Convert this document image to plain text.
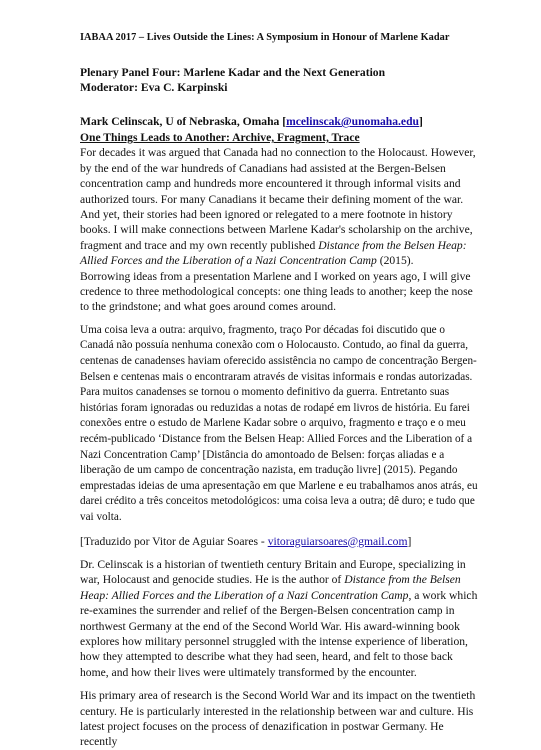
IABAA 2017 – Lives Outside the Lines: A Symposium in Honour of Marlene Kadar
Plenary Panel Four: Marlene Kadar and the Next Generation
Moderator: Eva C. Karpinski
Mark Celinscak, U of Nebraska, Omaha [mcelinscak@unomaha.edu]

One Things Leads to Another: Archive, Fragment, Trace

For decades it was argued that Canada had no connection to the Holocaust. However, by the end of the war hundreds of Canadians had assisted at the Bergen-Belsen concentration camp and hundreds more encountered it through informal visits and authorized tours. For many Canadians it became their defining moment of the war. And yet, their stories had been ignored or relegated to a mere footnote in history books. I will make connections between Marlene Kadar's scholarship on the archive, fragment and trace and my own recently published Distance from the Belsen Heap: Allied Forces and the Liberation of a Nazi Concentration Camp (2015).

Borrowing ideas from a presentation Marlene and I worked on years ago, I will give credence to three methodological concepts: one thing leads to another; keep the nose to the grindstone; and what goes around comes around.

Uma coisa leva a outra: arquivo, fragmento, traço Por décadas foi discutido que o Canadá não possuía nenhuma conexão com o Holocausto. Contudo, ao final da guerra, centenas de canadenses haviam oferecido assistência no campo de concentração Bergen-Belsen e centenas mais o encontraram através de visitas informais e rondas autorizadas. Para muitos canadenses se tornou o momento definitivo da guerra. Entretanto suas histórias foram ignoradas ou reduzidas a notas de rodapé em livros de história. Eu farei conexões entre o estudo de Marlene Kadar sobre o arquivo, fragmento e traço e o meu recém-publicado ‘Distance from the Belsen Heap: Allied Forces and the Liberation of a Nazi Concentration Camp’ [Distância do amontoado de Belsen: forças aliadas e a liberação de um campo de concentração nazista, em tradução livre] (2015). Pegando emprestadas ideias de uma apresentação em que Marlene e eu trabalhamos anos atrás, eu darei crédito a três conceitos metodológicos: uma coisa leva a outra; dê duro; e tudo que vai volta.

[Traduzido por Vitor de Aguiar Soares - vitoraguiarsoares@gmail.com]

Dr. Celinscak is a historian of twentieth century Britain and Europe, specializing in war, Holocaust and genocide studies. He is the author of Distance from the Belsen Heap: Allied Forces and the Liberation of a Nazi Concentration Camp, a work which re-examines the surrender and relief of the Bergen-Belsen concentration camp in northwest Germany at the end of the Second World War. His award-winning book explores how military personnel struggled with the intense experience of liberation, how they attempted to describe what they had seen, heard, and felt to those back home, and how their lives were ultimately transformed by the encounter.

His primary area of research is the Second World War and its impact on the twentieth century. He is particularly interested in the relationship between war and culture. His latest project focuses on the process of denazification in postwar Germany. He recently
